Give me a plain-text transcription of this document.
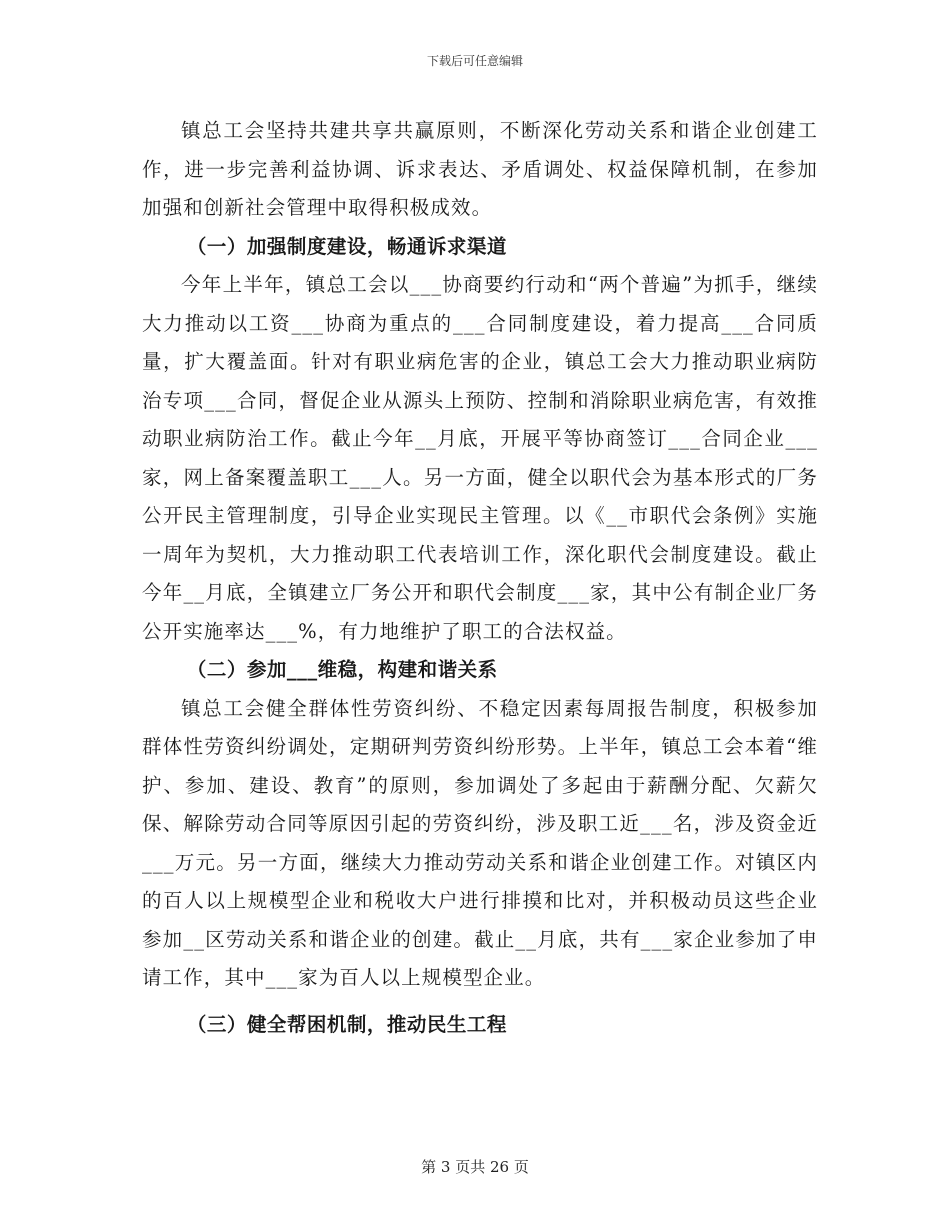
下载后可任意编辑

镇总工会坚持共建共享共赢原则，不断深化劳动关系和谐企业创建工作，进一步完善利益协调、诉求表达、矛盾调处、权益保障机制，在参加加强和创新社会管理中取得积极成效。

（一）加强制度建设，畅通诉求渠道

今年上半年，镇总工会以___协商要约行动和“两个普遍”为抓手，继续大力推动以工资___协商为重点的___合同制度建设，着力提高___合同质量，扩大覆盖面。针对有职业病危害的企业，镇总工会大力推动职业病防治专项___合同，督促企业从源头上预防、控制和消除职业病危害，有效推动职业病防治工作。截止今年__月底，开展平等协商签订___合同企业___家，网上备案覆盖职工___人。另一方面，健全以职代会为基本形式的厂务公开民主管理制度，引导企业实现民主管理。以《__市职代会条例》实施一周年为契机，大力推动职工代表培训工作，深化职代会制度建设。截止今年__月底，全镇建立厂务公开和职代会制度___家，其中公有制企业厂务公开实施率达___%，有力地维护了职工的合法权益。

（二）参加___维稳，构建和谐关系

镇总工会健全群体性劳资纠纷、不稳定因素每周报告制度，积极参加群体性劳资纠纷调处，定期研判劳资纠纷形势。上半年，镇总工会本着“维护、参加、建设、教育”的原则，参加调处了多起由于薪酬分配、欠薪欠保、解除劳动合同等原因引起的劳资纠纷，涉及职工近___名，涉及资金近___万元。另一方面，继续大力推动劳动关系和谐企业创建工作。对镇区内的百人以上规模型企业和税收大户进行排摸和比对，并积极动员这些企业参加__区劳动关系和谐企业的创建。截止__月底，共有___家企业参加了申请工作，其中___家为百人以上规模型企业。

（三）健全帮困机制，推动民生工程

第 3 页共 26 页
